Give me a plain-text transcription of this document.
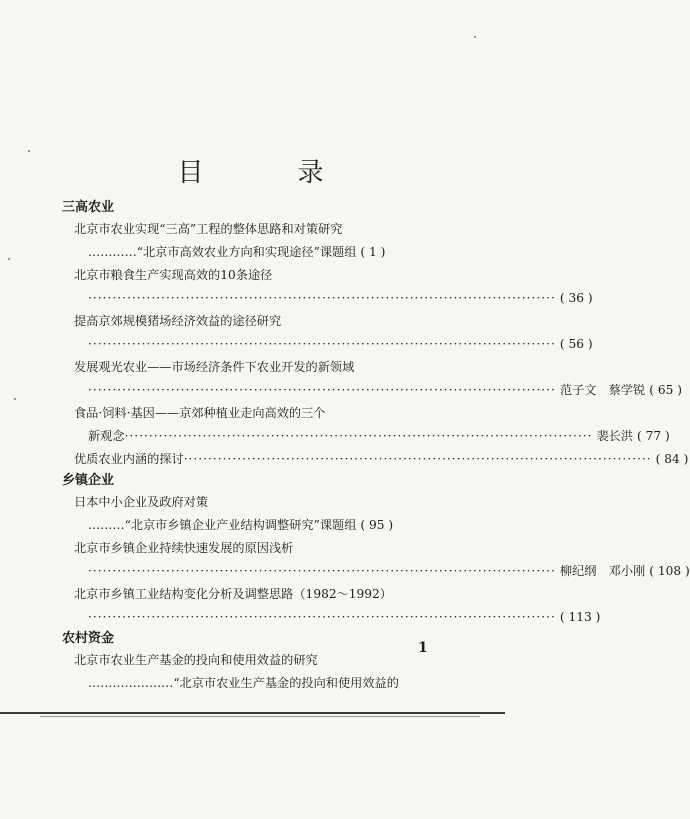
目　录
三高农业
北京市农业实现“三高”工程的整体思路和对策研究
…………“北京市高效农业方向和实现途径”课题组 ( 1 )
北京市粮食生产实现高效的10条途径
································································································ ( 36 )
提高京郊规模猪场经济效益的途径研究
································································································ ( 56 )
发展观光农业——市场经济条件下农业开发的新领域
································································································ 范子文　蔡学锐 ( 65 )
食品·饲料·基因——京郊种植业走向高效的三个
新观念 ································································································ 裴长洪 ( 77 )
优质农业内涵的探讨 ································································································ ( 84 )
乡镇企业
日本中小企业及政府对策
………“北京市乡镇企业产业结构调整研究”课题组 ( 95 )
北京市乡镇企业持续快速发展的原因浅析
································································································ 柳纪纲　邓小刚 ( 108 )
北京市乡镇工业结构变化分析及调整思路（1982～1992）
································································································ ( 113 )
农村资金
北京市农业生产基金的投向和使用效益的研究
…………………“北京市农业生产基金的投向和使用效益的
1
